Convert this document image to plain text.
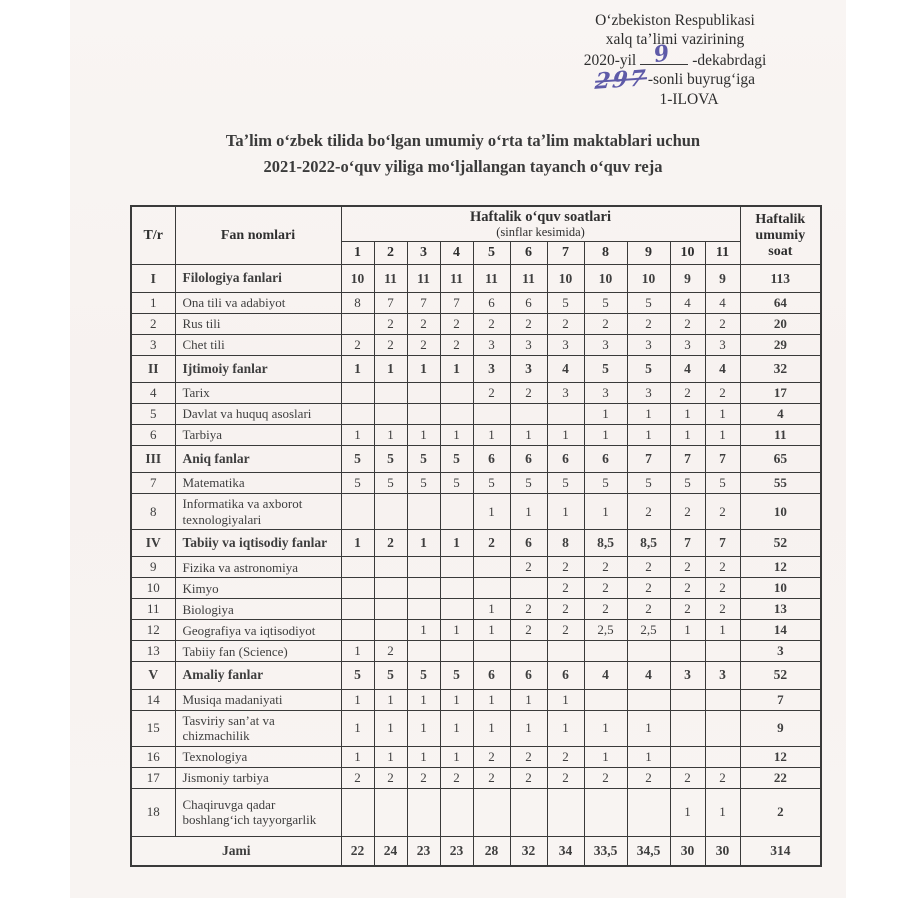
Oʻzbekiston Respublikasi
xalq taʼlimi vazirining
2020-yil 9 -dekabrdagi
297-sonli buyrugʻiga
1-ILOVA
Taʼlim oʻzbek tilida boʻlgan umumiy oʻrta taʼlim maktablari uchun
2021-2022-oʻquv yiliga moʻljallangan tayanch oʻquv reja
T/r	Fan nomlari	Haftalik oʻquv soatlari
(sinflar kesimida)											Haftalik umumiy soat
		1	2	3	4	5	6	7	8	9	10	11	
I	Filologiya fanlari	10	11	11	11	11	11	10	10	10	9	9	113
1	Ona tili va adabiyot	8	7	7	7	6	6	5	5	5	4	4	64
2	Rus tili		2	2	2	2	2	2	2	2	2	2	20
3	Chet tili	2	2	2	2	3	3	3	3	3	3	3	29
II	Ijtimoiy fanlar	1	1	1	1	3	3	4	5	5	4	4	32
4	Tarix					2	2	3	3	3	2	2	17
5	Davlat va huquq asoslari								1	1	1	1	4
6	Tarbiya	1	1	1	1	1	1	1	1	1	1	1	11
III	Aniq fanlar	5	5	5	5	6	6	6	6	7	7	7	65
7	Matematika	5	5	5	5	5	5	5	5	5	5	5	55
8	Informatika va axborot texnologiyalari					1	1	1	1	2	2	2	10
IV	Tabiiy va iqtisodiy fanlar	1	2	1	1	2	6	8	8,5	8,5	7	7	52
9	Fizika va astronomiya						2	2	2	2	2	2	12
10	Kimyo							2	2	2	2	2	10
11	Biologiya					1	2	2	2	2	2	2	13
12	Geografiya va iqtisodiyot			1	1	1	2	2	2,5	2,5	1	1	14
13	Tabiiy fan (Science)	1	2										3
V	Amaliy fanlar	5	5	5	5	6	6	6	4	4	3	3	52
14	Musiqa madaniyati	1	1	1	1	1	1	1					7
15	Tasviriy sanʼat va chizmachilik	1	1	1	1	1	1	1	1	1			9
16	Texnologiya	1	1	1	1	2	2	2	1	1			12
17	Jismoniy tarbiya	2	2	2	2	2	2	2	2	2	2	2	22
18	Chaqiruvga qadar boshlangʻich tayyorgarlik										1	1	2
Jami		22	24	23	23	28	32	34	33,5	34,5	30	30	314
